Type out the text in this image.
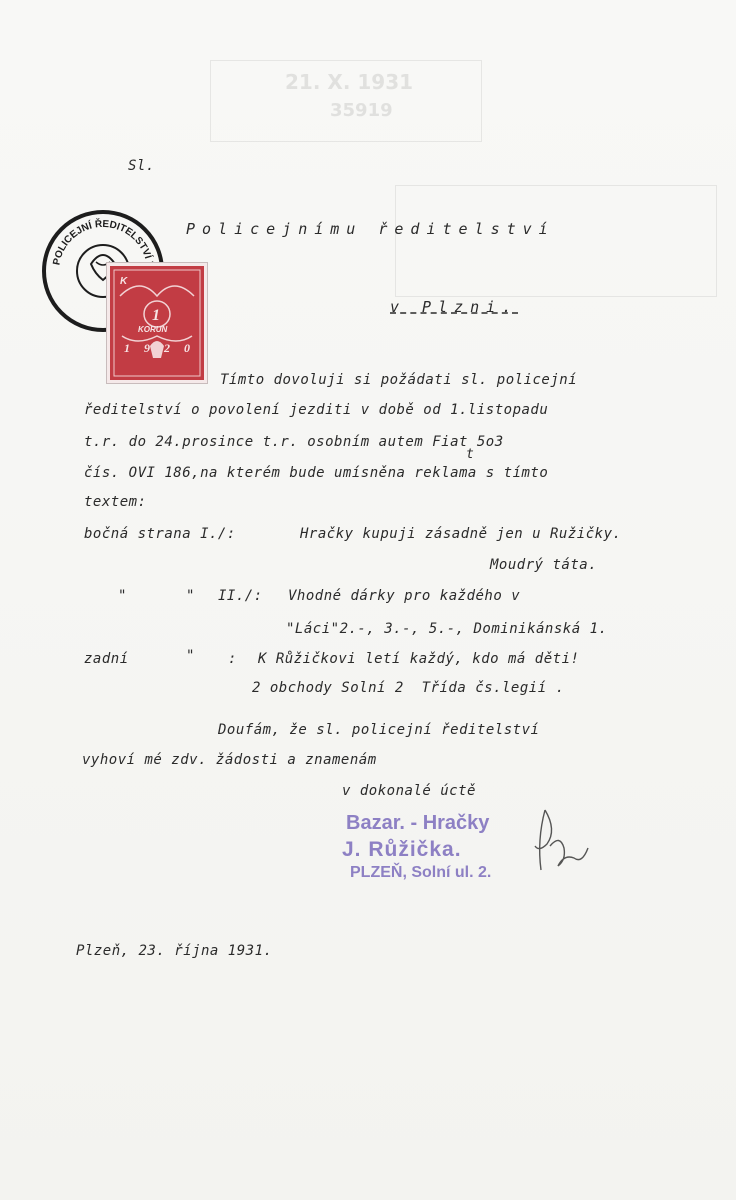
21. X. 1931
35919
Sl.
Policejnímu ředitelství
v Plzni.
POLICEJNÍ ŘEDITELSTVÍ
K
1
KORUN
1920
Tímto dovoluji si požádati sl. policejní
ředitelství o povolení jezditi v době od 1.listopadu
t.r. do 24.prosince t.r. osobním autem Fiat 5o3
t
čís. OVI 186,na kterém bude umísněna reklama s tímto
textem:
bočná strana I./:	Hračky kupuji zásadně jen u Ružičky.
Moudrý táta.
"	" II./: Vhodné dárky pro každého v
"Láci"2.-, 3.-, 5.-, Dominikánská 1.
zadní	" : K Růžičkovi letí každý, kdo má děti!
2 obchody Solní 2  Třída čs.legií .
Doufám, že sl. policejní ředitelství
vyhoví mé zdv. žádosti a znamenám
v dokonalé úctě
Bazar. - Hračky
J. Růžička.
PLZEŇ, Solní ul. 2.
Plzeň, 23. října 1931.
